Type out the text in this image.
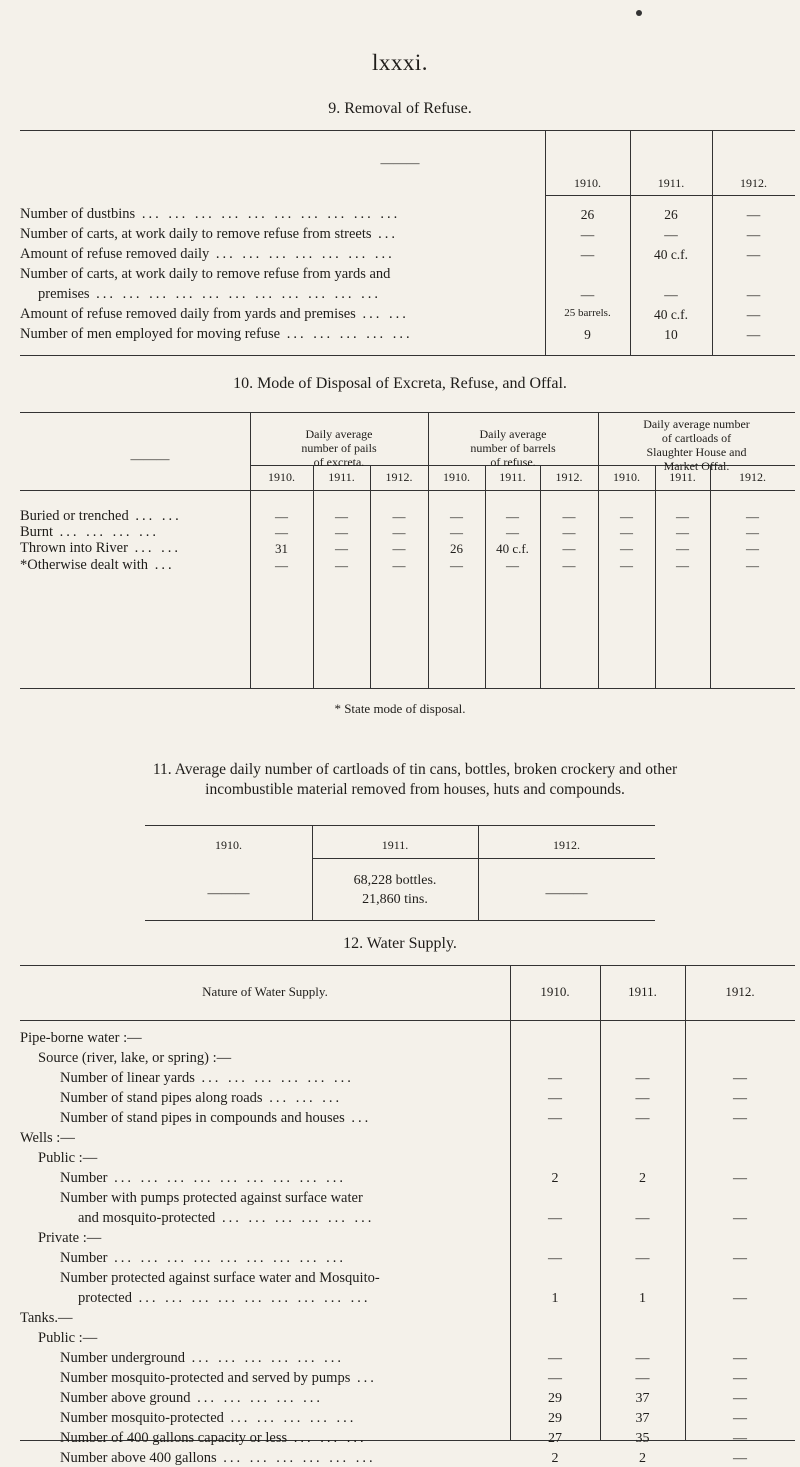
lxxxi.
9. Removal of Refuse.
———
1910.	1911.	1912.
Number of dustbins ... ... ... ... ... ... ... ... ... ...	26	26	—
Number of carts, at work daily to remove refuse from streets ...	—	—	—
Amount of refuse removed daily ... ... ... ... ... ... ...	—	40 c.f.	—
Number of carts, at work daily to remove refuse from yards and
premises ... ... ... ... ... ... ... ... ... ... ...	—	—	—
Amount of refuse removed daily from yards and premises ... ...	25 barrels.	40 c.f.	—
Number of men employed for moving refuse ... ... ... ... ...	9	10	—
10. Mode of Disposal of Excreta, Refuse, and Offal.
———
Daily average
number of pails
of excreta.
Daily average
number of barrels
of refuse.
Daily average number
of cartloads of
Slaughter House and
Market Offal.
1910.	1911.	1912.	1910.	1911.	1912.	1910.	1911.	1912.
Buried or trenched ... ...	—	—	—	—	—	—	—	—	—
Burnt ... ... ... ...	—	—	—	—	—	—	—	—	—
Thrown into River ... ...	31	—	—	26	40 c.f.	—	—	—	—
*Otherwise dealt with ...	—	—	—	—	—	—	—	—	—
* State mode of disposal.
11. Average daily number of cartloads of tin cans, bottles, broken crockery and other incombustible material removed from houses, huts and compounds.
1910.	1911.	1912.
———
68,228 bottles.
21,860 tins.	———
12. Water Supply.
Nature of Water Supply.	1910.	1911.	1912.
Pipe-borne water :—
Source (river, lake, or spring) :—
Number of linear yards ... ... ... ... ... ...	—	—	—
Number of stand pipes along roads ... ... ...	—	—	—
Number of stand pipes in compounds and houses ...	—	—	—
Wells :—
Public :—
Number ... ... ... ... ... ... ... ... ...	2	2	—
Number with pumps protected against surface water
and mosquito-protected ... ... ... ... ... ...	—	—	—
Private :—
Number ... ... ... ... ... ... ... ... ...	—	—	—
Number protected against surface water and Mosquito-
protected ... ... ... ... ... ... ... ... ...	1	1	—
Tanks.—
Public :—
Number underground ... ... ... ... ... ...	—	—	—
Number mosquito-protected and served by pumps ...	—	—	—
Number above ground ... ... ... ... ...	29	37	—
Number mosquito-protected ... ... ... ... ...	29	37	—
Number of 400 gallons capacity or less ... ... ...	27	35	—
Number above 400 gallons ... ... ... ... ... ...	2	2	—
